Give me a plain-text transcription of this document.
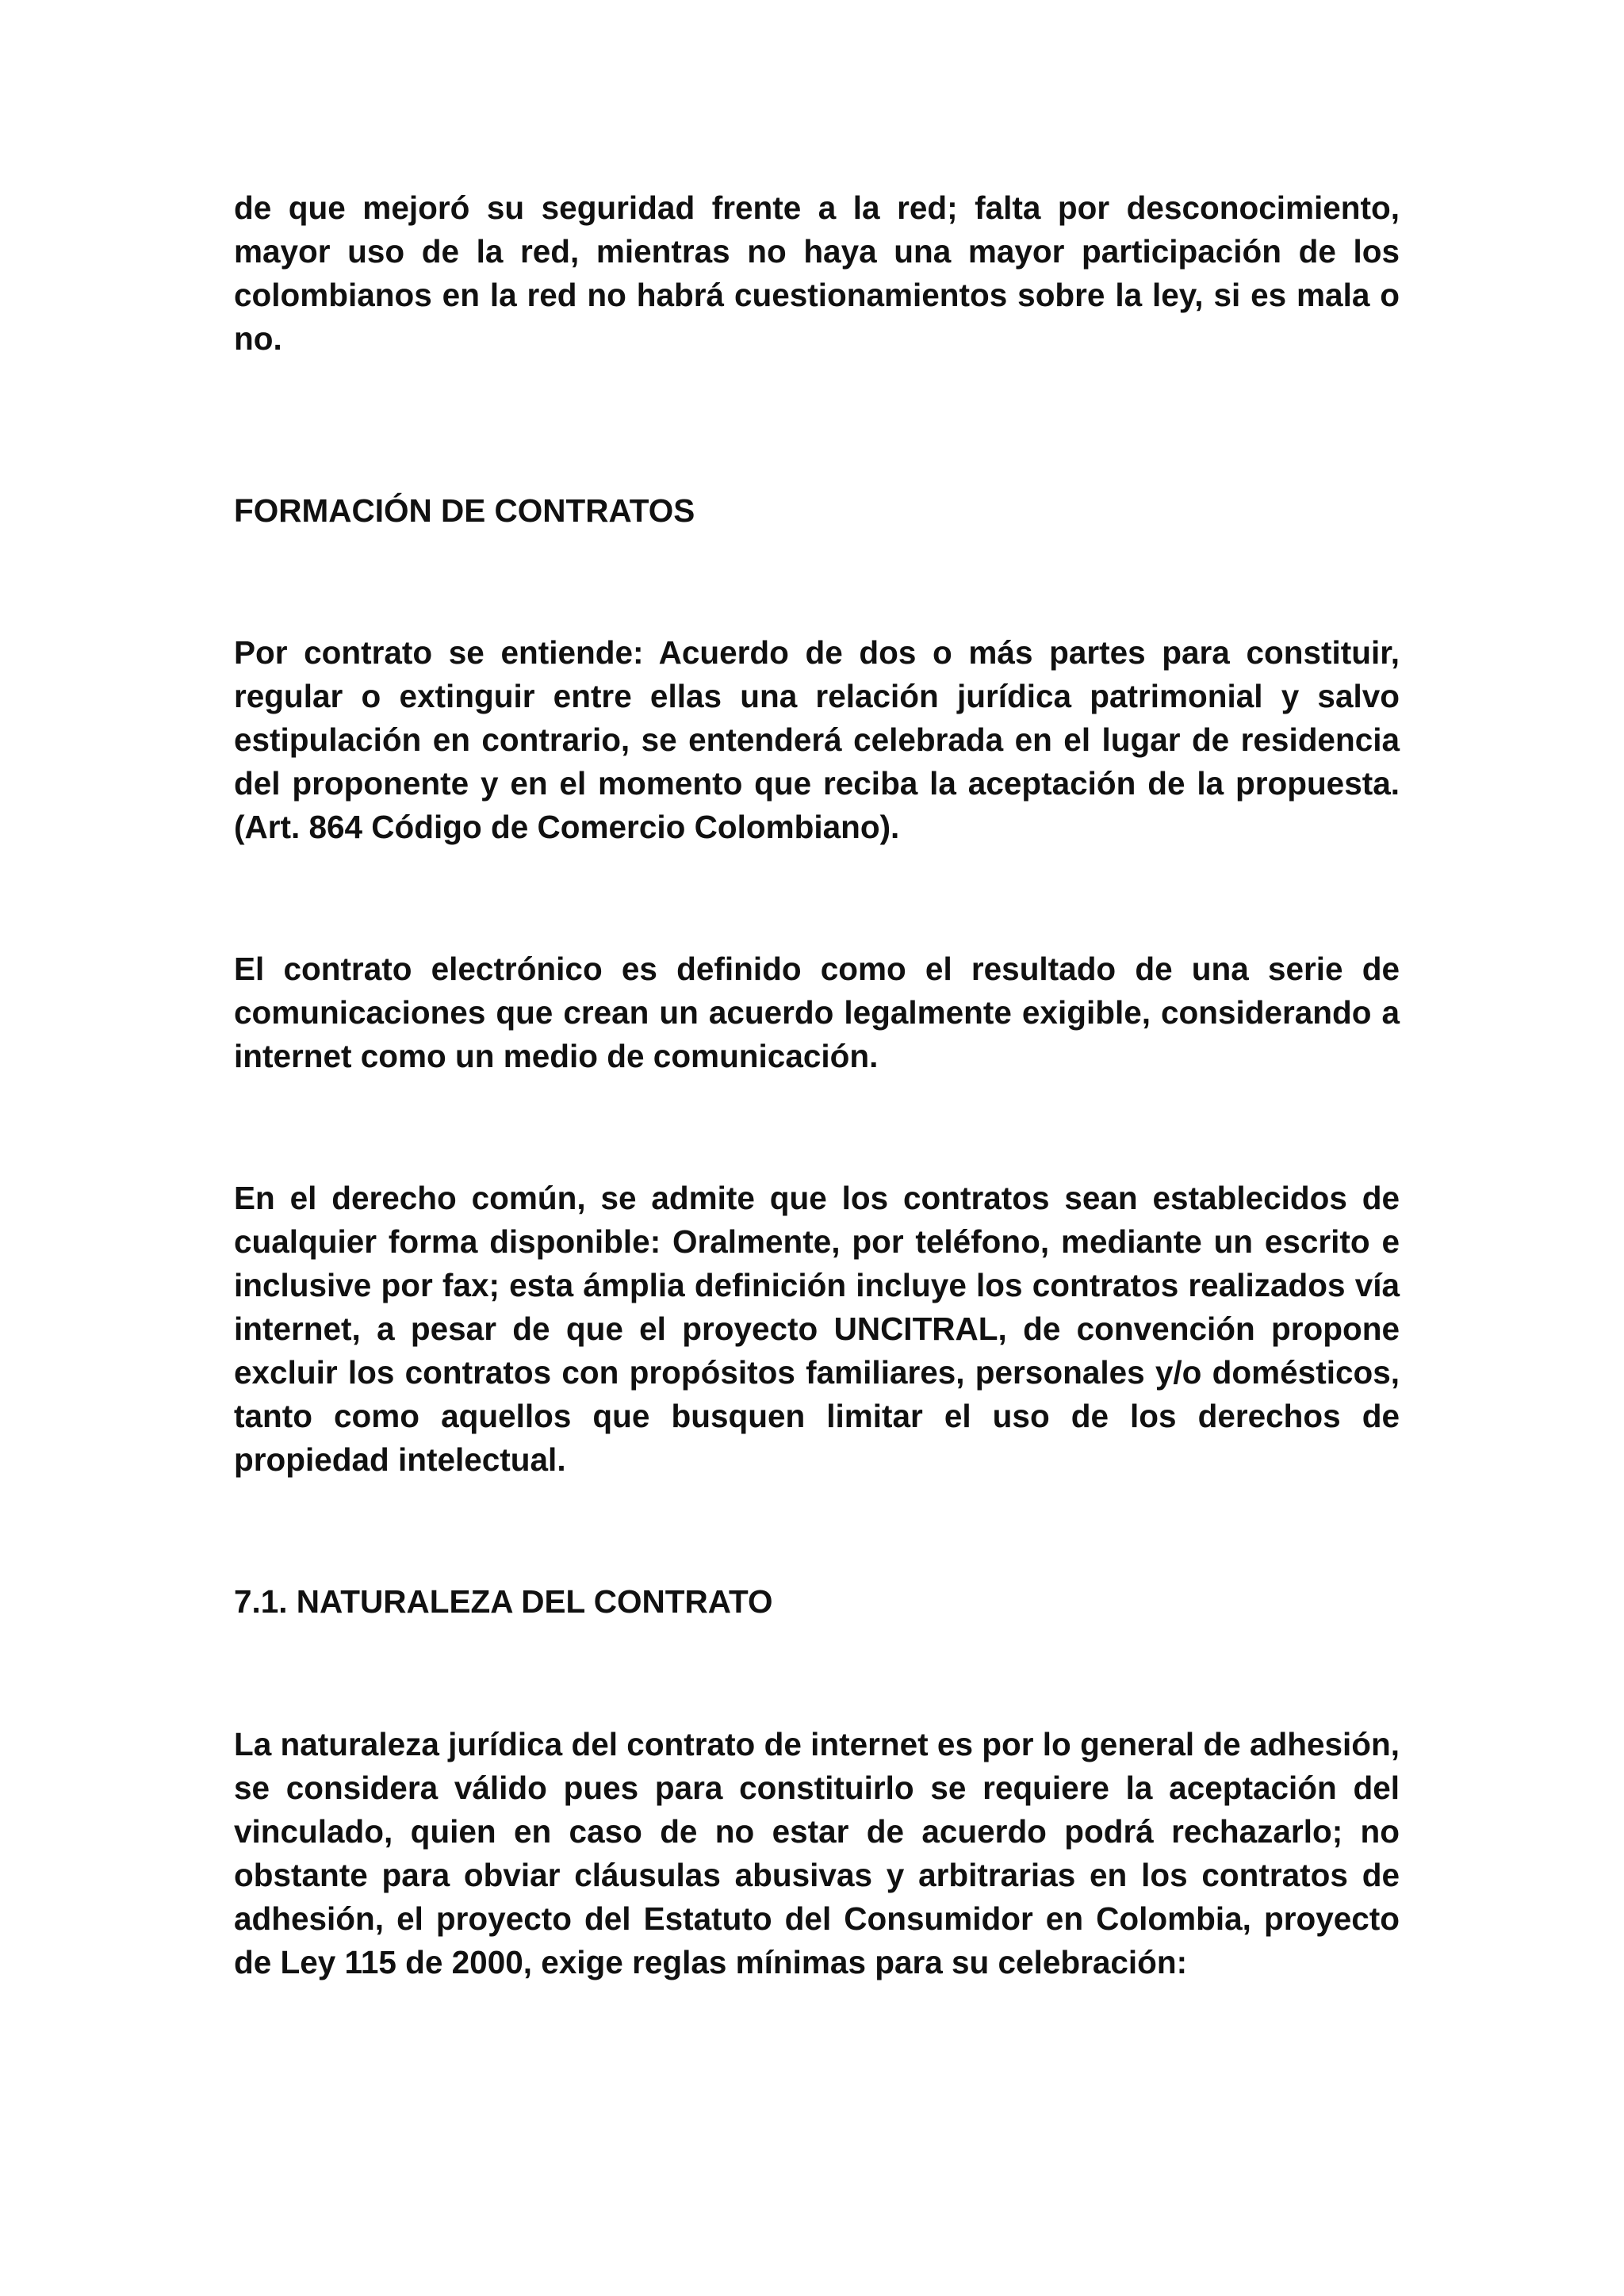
de que mejoró su seguridad frente a la red; falta por desconocimiento, mayor uso de la red, mientras no haya una mayor participación de los colombianos en la red no habrá cuestionamientos sobre la ley, si es mala o no.

FORMACIÓN DE CONTRATOS

Por contrato se entiende: Acuerdo de dos o más partes para constituir, regular o extinguir entre ellas una relación jurídica patrimonial y salvo estipulación en contrario, se entenderá celebrada en el lugar de residencia del proponente y en el momento que reciba la aceptación de la propuesta. (Art. 864 Código de Comercio Colombiano).

El contrato electrónico es definido como el resultado de una serie de comunicaciones que crean un acuerdo legalmente exigible, considerando a internet como un medio de comunicación.

En el derecho común, se admite que los contratos sean establecidos de cualquier forma disponible: Oralmente, por teléfono, mediante un escrito e inclusive por fax; esta ámplia definición incluye los contratos realizados vía internet, a pesar de que el proyecto UNCITRAL, de convención propone excluir los contratos con propósitos familiares, personales y/o domésticos, tanto como aquellos que busquen limitar el uso de los derechos de propiedad intelectual.

7.1. NATURALEZA DEL CONTRATO

La naturaleza jurídica del contrato de internet es por lo general de adhesión, se considera válido pues para constituirlo se requiere la aceptación del vinculado, quien en caso de no estar de acuerdo podrá rechazarlo; no obstante para obviar cláusulas abusivas y arbitrarias en los contratos de adhesión, el proyecto del Estatuto del Consumidor en Colombia, proyecto de Ley 115 de 2000, exige reglas mínimas para su celebración:
